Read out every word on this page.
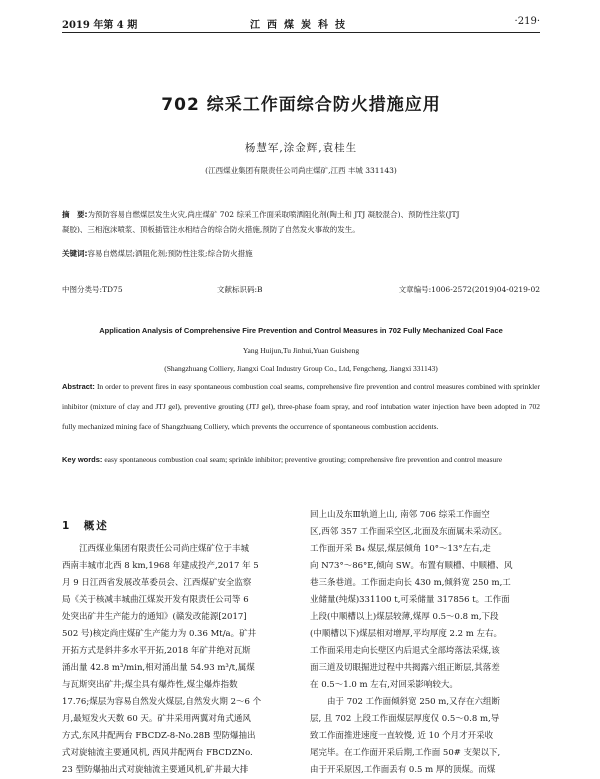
2019 年第 4 期	江西煤炭科技	·219·
702 综采工作面综合防火措施应用
杨慧军,涂金辉,袁桂生
(江西煤业集团有限责任公司尚庄煤矿,江西 丰城 331143)
摘　要:为预防容易自燃煤层发生火灾,尚庄煤矿 702 综采工作面采取喷洒阻化剂(陶土和 JTJ 凝胶混合)、预防性注浆(JTJ
凝胶)、三相泡沫喷浆、顶板插管注水相结合的综合防火措施,预防了自然发火事故的发生。
关键词:容易自燃煤层;洒阻化剂;预防性注浆;综合防火措施
中图分类号:TD75	文献标识码:B	文章编号:1006-2572(2019)04-0219-02
Application Analysis of Comprehensive Fire Prevention and Control Measures in 702 Fully Mechanized Coal Face
Yang Huijun,Tu Jinhui,Yuan Guisheng
(Shangzhuang Colliery, Jiangxi Coal Industry Group Co., Ltd, Fengcheng, Jiangxi 331143)
Abstract: In order to prevent fires in easy spontaneous combustion coal seams, comprehensive fire prevention and control measures combined with sprinkler inhibitor (mixture of clay and JTJ gel), preventive grouting (JTJ gel), three-phase foam spray, and roof intubation water injection have been adopted in 702 fully mechanized mining face of Shangzhuang Colliery, which prevents the occurrence of spontaneous combustion accidents.
Key words: easy spontaneous combustion coal seam; sprinkle inhibitor; preventive grouting; comprehensive fire prevention and control measure
1　概述

　　江西煤业集团有限责任公司尚庄煤矿位于丰城

西南丰城市北西 8 km,1968 年建成投产,2017 年 5

月 9 日江西省发展改革委员会、江西煤矿安全监察

局《关于核减丰城曲江煤炭开发有限责任公司等 6

处突出矿井生产能力的通知》(赣发改能源[2017]

502 号)核定尚庄煤矿生产能力为 0.36 Mt/a。矿井

开拓方式是斜井多水平开拓,2018 年矿井绝对瓦斯

涌出量 42.8 m³/min,相对涌出量 54.93 m³/t,属煤

与瓦斯突出矿井;煤尘具有爆炸性,煤尘爆炸指数

17.76;煤层为容易自然发火煤层,自然发火期 2～6 个

月,最短发火天数 60 天。矿井采用两翼对角式通风

方式,东风井配两台 FBCDZ-8-No.28B 型防爆抽出

式对旋轴流主要通风机, 西风井配两台 FBCDZNo.

23 型防爆抽出式对旋轴流主要通风机,矿井最大排

回上山及东Ⅲ轨道上山, 南邻 706 综采工作面空

区,西邻 357 工作面采空区,北面及东面属未采动区。

工作面开采 B₄ 煤层,煤层倾角 10°～13°左右,走

向 N73°～86°E,倾向 SW。布置有顺槽、中顺槽、风

巷三条巷道。工作面走向长 430 m,倾斜宽 250 m,工

业储量(纯煤)331100 t,可采储量 317856 t。工作面

上段(中顺槽以上)煤层较薄,煤厚 0.5～0.8 m,下段

(中顺槽以下)煤层相对增厚,平均厚度 2.2 m 左右。

工作面采用走向长壁区内后退式全部垮落法采煤,该

面三道及切眼掘进过程中共揭露六组正断层,其落差

在 0.5～1.0 m 左右,对回采影响较大。

　　由于 702 工作面倾斜宽 250 m,又存在六组断

层, 且 702 上段工作面煤层厚度仅 0.5～0.8 m,导

致工作面推进速度一直较慢, 近 10 个月才开采收

尾完毕。在工作面开采后期,工作面 50# 支架以下,

由于开采原因,工作面丢有 0.5 m 厚的顶煤。而煤
